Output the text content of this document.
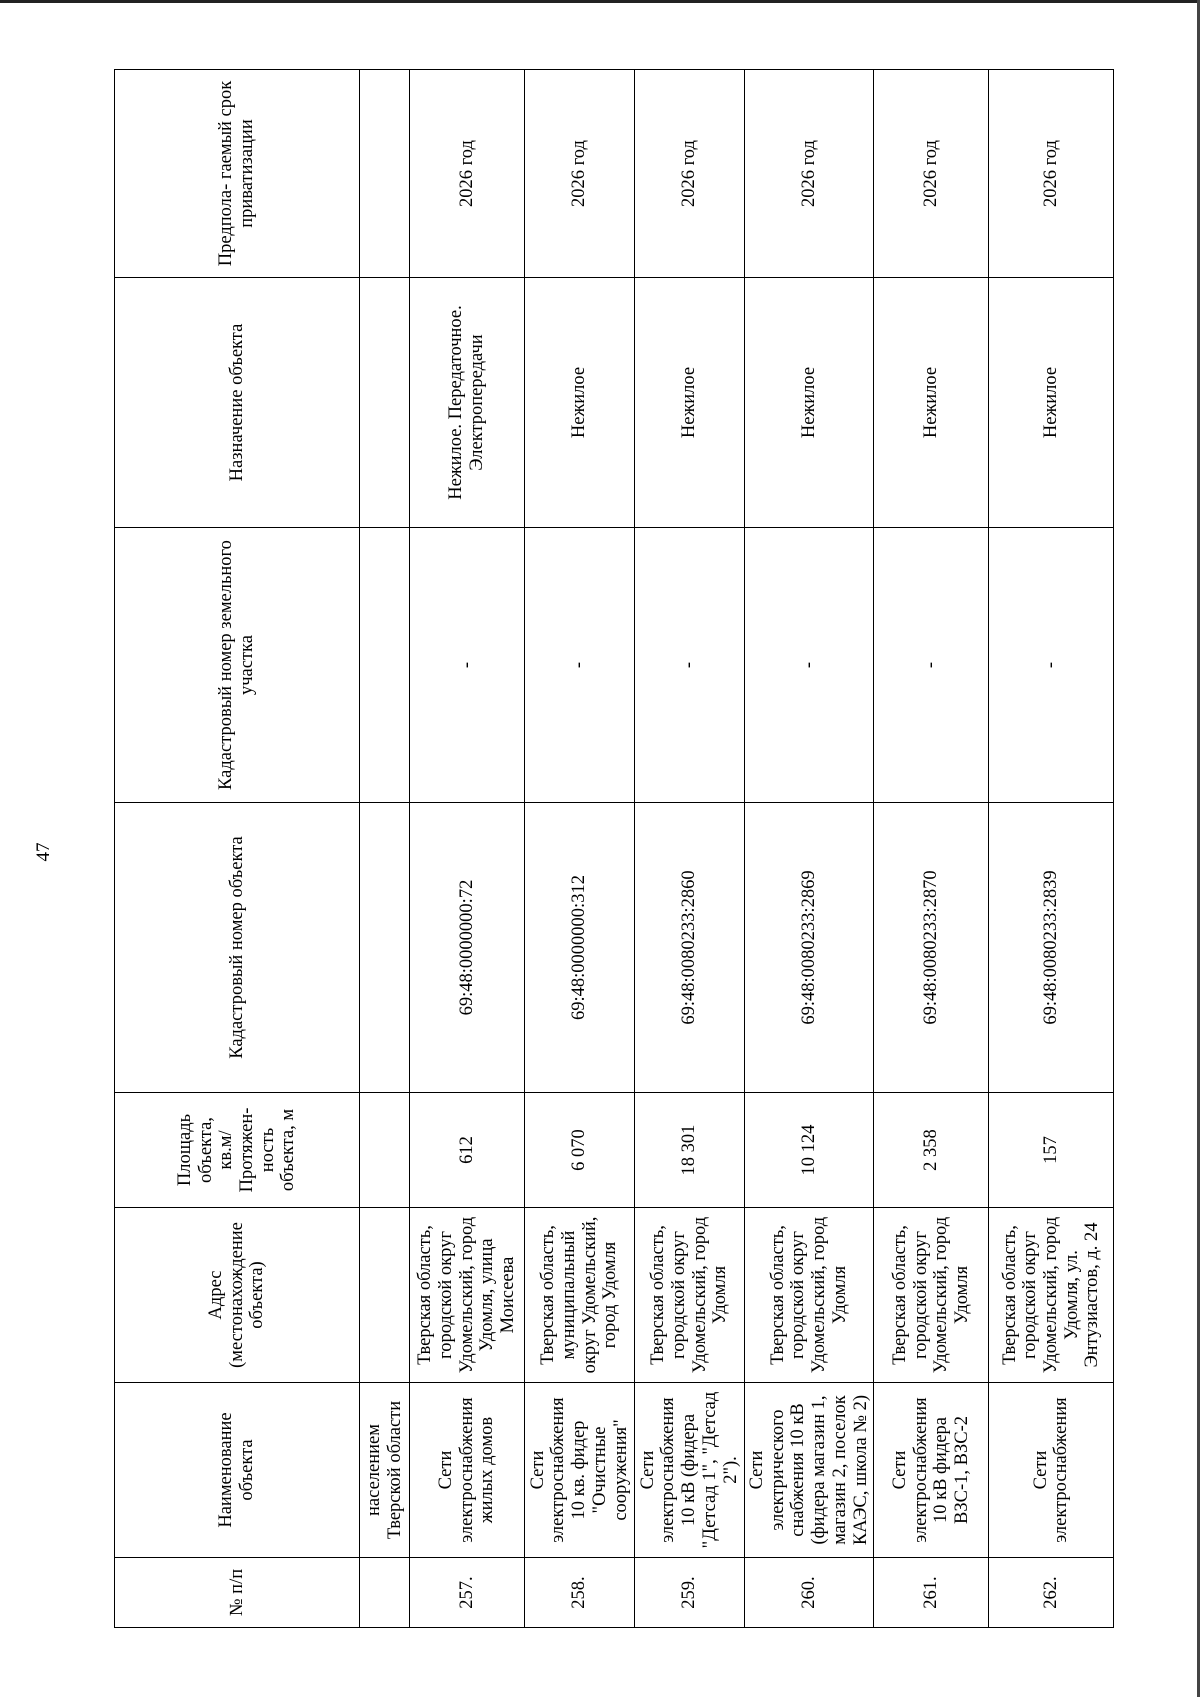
47
№ п/п	Наименование объекта	Адрес (местонахождение объекта)	Площадь объекта, кв.м/ Протяжен- ность объекта, м	Кадастровый номер объекта	Кадастровый номер земельного участка	Назначение объекта	Предпола- гаемый срок приватизации
	населением Тверской области						
257.	Сети электроснабжения жилых домов	Тверская область, городской округ Удомельский, город Удомля, улица Моисеева	612	69:48:0000000:72	-	Нежилое. Передаточное. Электропередачи	2026 год
258.	Сети электроснабжения 10 кв. фидер "Очистные сооружения"	Тверская область, муниципальный округ Удомельский, город Удомля	6 070	69:48:0000000:312	-	Нежилое	2026 год
259.	Сети электроснабжения 10 кВ (фидера "Детсад 1", "Детсад 2").	Тверская область, городской округ Удомельский, город Удомля	18 301	69:48:0080233:2860	-	Нежилое	2026 год
260.	Сети электрического снабжения 10 кВ (фидера магазин 1, магазин 2, поселок КАЭС, школа № 2)	Тверская область, городской округ Удомельский, город Удомля	10 124	69:48:0080233:2869	-	Нежилое	2026 год
261.	Сети электроснабжения 10 кВ фидера ВЗС-1, ВЗС-2	Тверская область, городской округ Удомельский, город Удомля	2 358	69:48:0080233:2870	-	Нежилое	2026 год
262.	Сети электроснабжения	Тверская область, городской округ Удомельский, город Удомля, ул. Энтузиастов, д. 24	157	69:48:0080233:2839	-	Нежилое	2026 год
